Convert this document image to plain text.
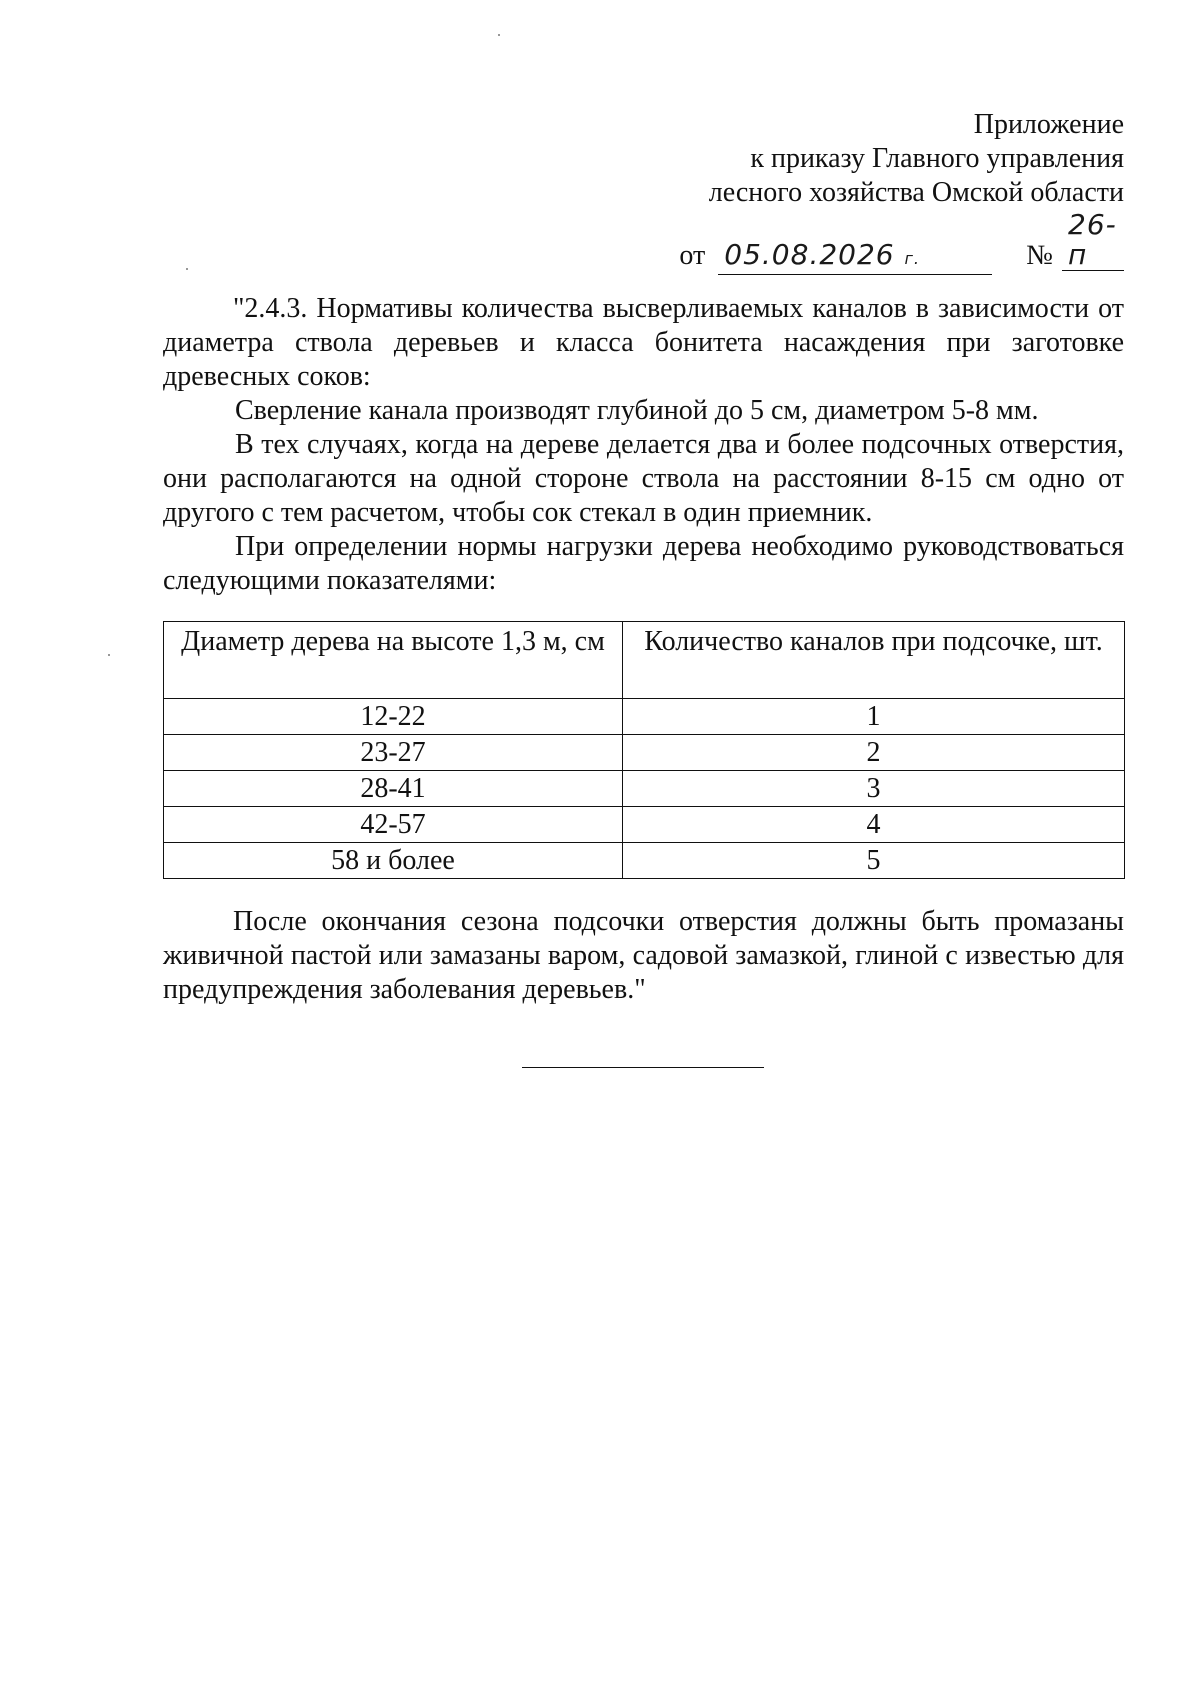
Приложение
к приказу Главного управления
лесного хозяйства Омской области
от 05.08.2026 г.	№ 26-п

"2.4.3. Нормативы количества высверливаемых каналов в зависимости от диаметра ствола деревьев и класса бонитета насаждения при заготовке древесных соков:

Сверление канала производят глубиной до 5 см, диаметром 5-8 мм.

В тех случаях, когда на дереве делается два и более подсочных отверстия, они располагаются на одной стороне ствола на расстоянии 8-15 см одно от другого с тем расчетом, чтобы сок стекал в один приемник.

При определении нормы нагрузки дерева необходимо руководствоваться следующими показателями:

Диаметр дерева на высоте 1,3 м, см	Количество каналов при подсочке, шт.
12-22	1
23-27	2
28-41	3
42-57	4
58 и более	5

После окончания сезона подсочки отверстия должны быть промазаны живичной пастой или замазаны варом, садовой замазкой, глиной с известью для предупреждения заболевания деревьев."
